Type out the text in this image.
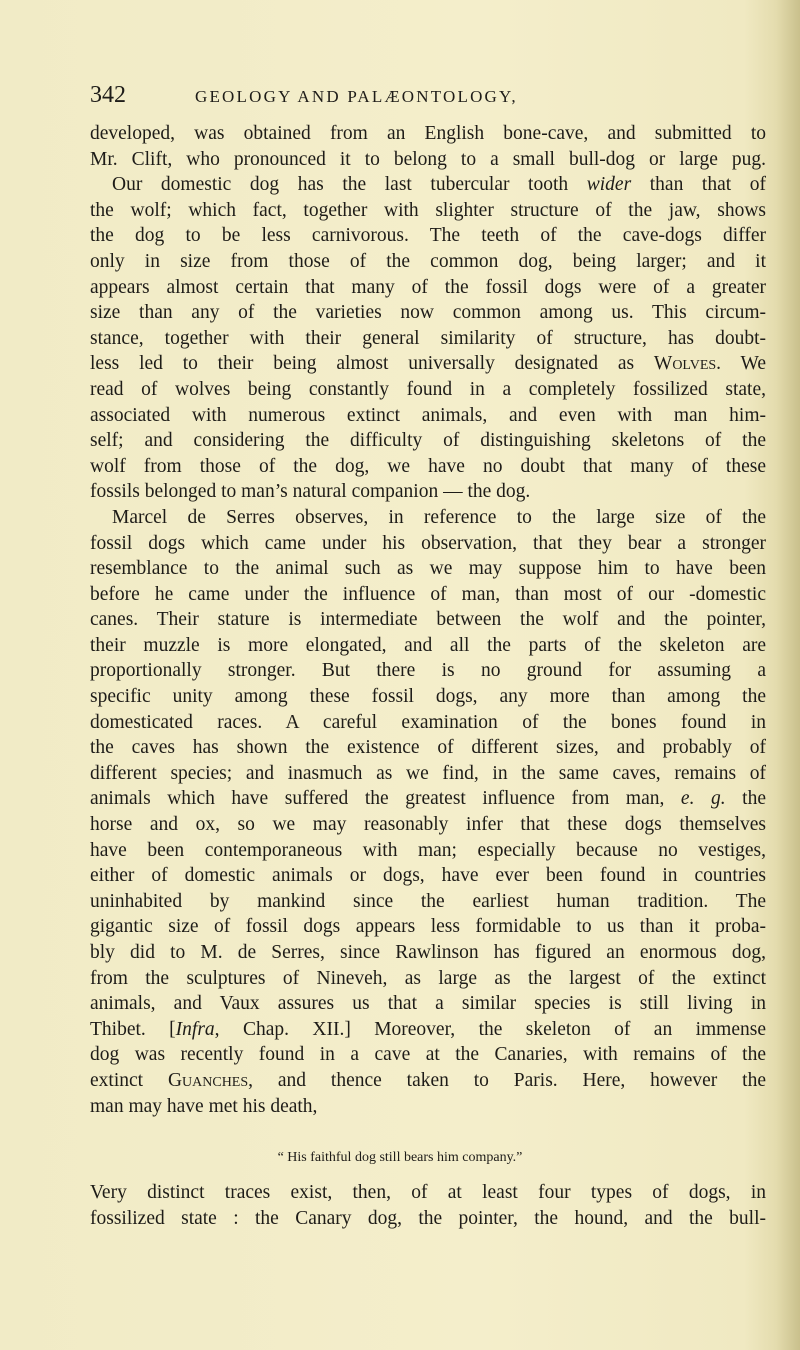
342	GEOLOGY AND PALÆONTOLOGY,
developed, was obtained from an English bone-cave, and submitted to
Mr. Clift, who pronounced it to belong to a small bull-dog or large pug.
Our domestic dog has the last tubercular tooth wider than that of
the wolf; which fact, together with slighter structure of the jaw, shows
the dog to be less carnivorous. The teeth of the cave-dogs differ
only in size from those of the common dog, being larger; and it
appears almost certain that many of the fossil dogs were of a greater
size than any of the varieties now common among us. This circum-
stance, together with their general similarity of structure, has doubt-
less led to their being almost universally designated as Wolves. We
read of wolves being constantly found in a completely fossilized state,
associated with numerous extinct animals, and even with man him-
self; and considering the difficulty of distinguishing skeletons of the
wolf from those of the dog, we have no doubt that many of these
fossils belonged to man’s natural companion — the dog.
Marcel de Serres observes, in reference to the large size of the
fossil dogs which came under his observation, that they bear a stronger
resemblance to the animal such as we may suppose him to have been
before he came under the influence of man, than most of our -domestic
canes. Their stature is intermediate between the wolf and the pointer,
their muzzle is more elongated, and all the parts of the skeleton are
proportionally stronger. But there is no ground for assuming a
specific unity among these fossil dogs, any more than among the
domesticated races. A careful examination of the bones found in
the caves has shown the existence of different sizes, and probably of
different species; and inasmuch as we find, in the same caves, remains of
animals which have suffered the greatest influence from man, e. g. the
horse and ox, so we may reasonably infer that these dogs themselves
have been contemporaneous with man; especially because no vestiges,
either of domestic animals or dogs, have ever been found in countries
uninhabited by mankind since the earliest human tradition. The
gigantic size of fossil dogs appears less formidable to us than it proba-
bly did to M. de Serres, since Rawlinson has figured an enormous dog,
from the sculptures of Nineveh, as large as the largest of the extinct
animals, and Vaux assures us that a similar species is still living in
Thibet. [Infra, Chap. XII.] Moreover, the skeleton of an immense
dog was recently found in a cave at the Canaries, with remains of the
extinct Guanches, and thence taken to Paris. Here, however the
man may have met his death,
“ His faithful dog still bears him company.”
Very distinct traces exist, then, of at least four types of dogs, in
fossilized state : the Canary dog, the pointer, the hound, and the bull-
